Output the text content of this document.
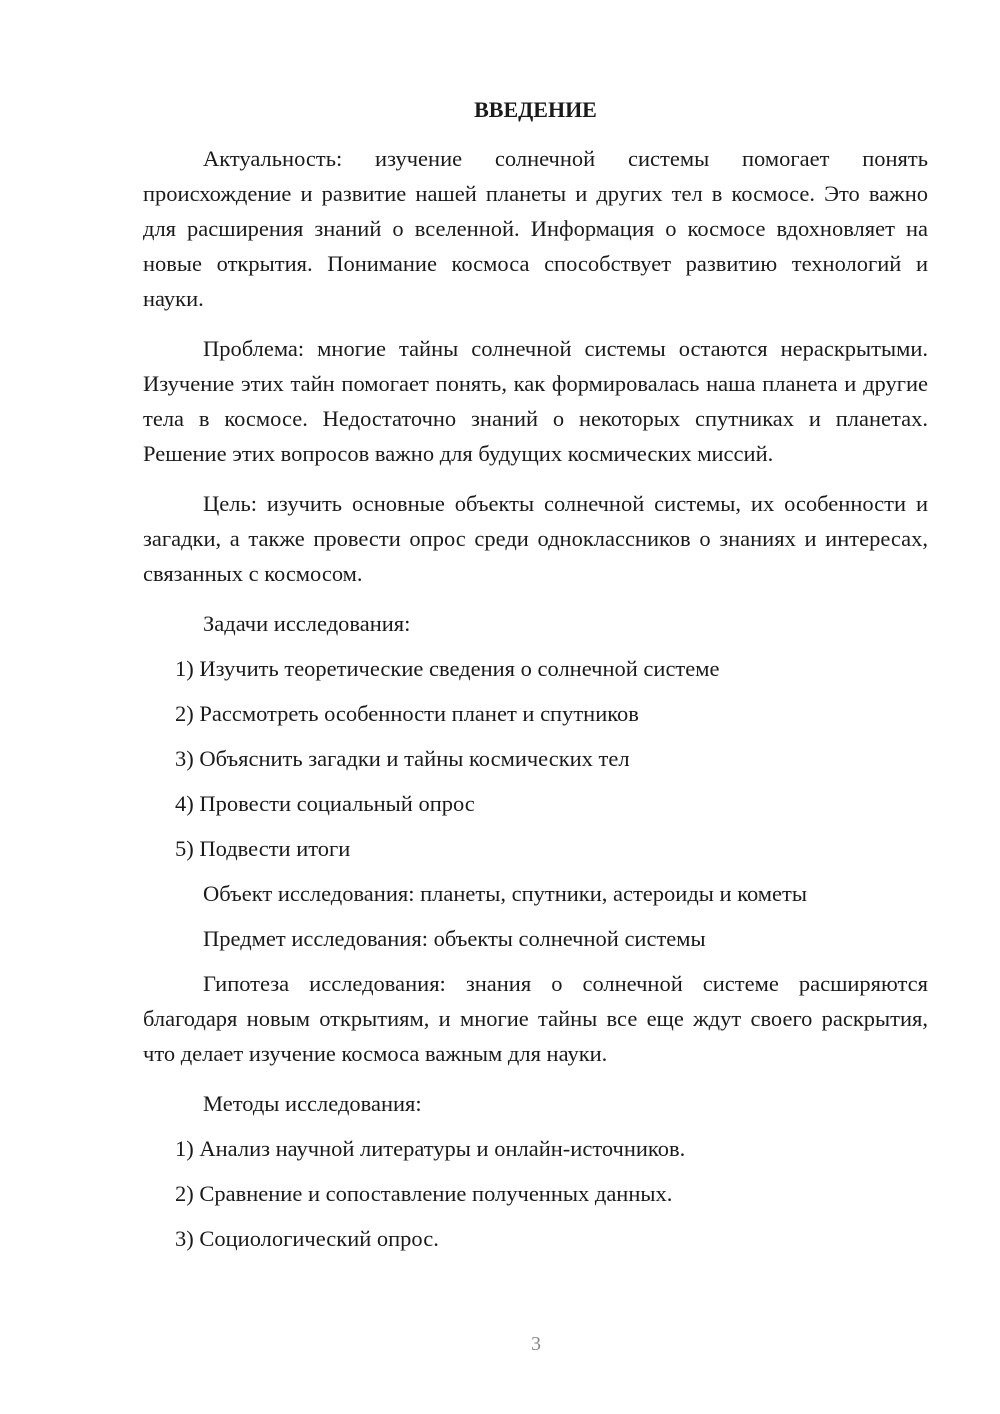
ВВЕДЕНИЕ

Актуальность: изучение солнечной системы помогает понять происхождение и развитие нашей планеты и других тел в космосе. Это важно для расширения знаний о вселенной. Информация о космосе вдохновляет на новые открытия. Понимание космоса способствует развитию технологий и науки.

Проблема: многие тайны солнечной системы остаются нераскрытыми. Изучение этих тайн помогает понять, как формировалась наша планета и другие тела в космосе. Недостаточно знаний о некоторых спутниках и планетах. Решение этих вопросов важно для будущих космических миссий.

Цель: изучить основные объекты солнечной системы, их особенности и загадки, а также провести опрос среди одноклассников о знаниях и интересах, связанных с космосом.

Задачи исследования:

1) Изучить теоретические сведения о солнечной системе

2) Рассмотреть особенности планет и спутников

3) Объяснить загадки и тайны космических тел

4) Провести социальный опрос

5) Подвести итоги

Объект исследования: планеты, спутники, астероиды и кометы

Предмет исследования: объекты солнечной системы

Гипотеза исследования: знания о солнечной системе расширяются благодаря новым открытиям, и многие тайны все еще ждут своего раскрытия, что делает изучение космоса важным для науки.

Методы исследования:

1) Анализ научной литературы и онлайн-источников.

2) Сравнение и сопоставление полученных данных.

3) Социологический опрос.

3
